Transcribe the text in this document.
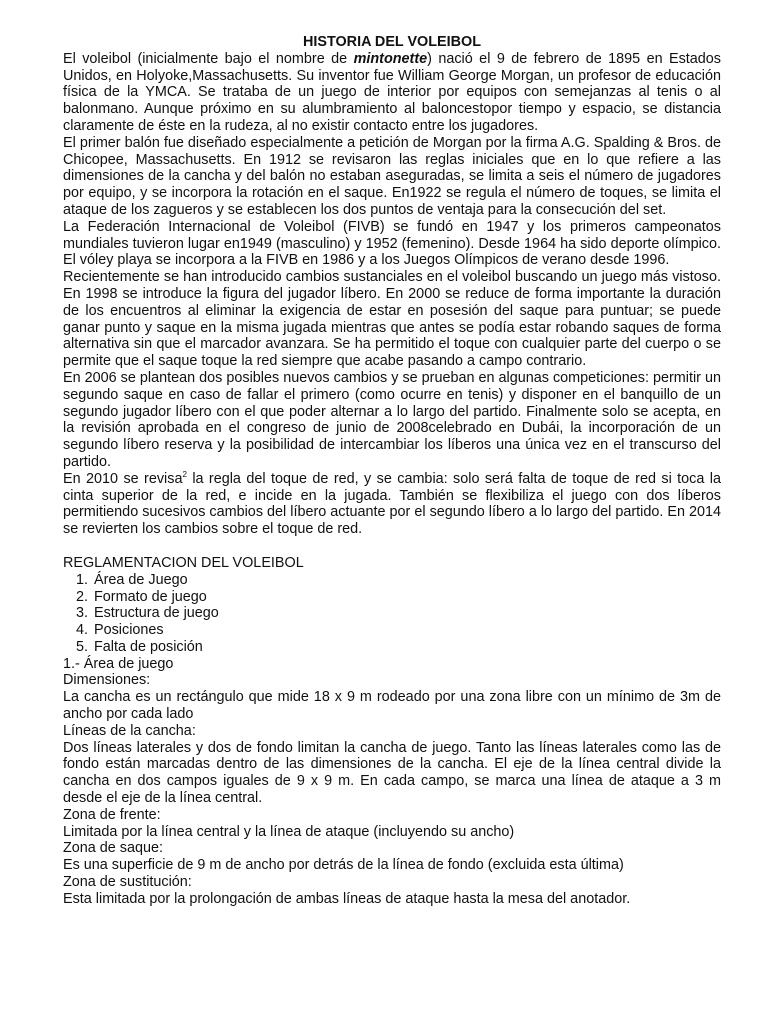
HISTORIA DEL VOLEIBOL

El voleibol (inicialmente bajo el nombre de mintonette) nació el 9 de febrero de 1895 en Estados Unidos, en Holyoke,Massachusetts. Su inventor fue William George Morgan, un profesor de educación física de la YMCA. Se trataba de un juego de interior por equipos con semejanzas al tenis o al balonmano. Aunque próximo en su alumbramiento al baloncestopor tiempo y espacio, se distancia claramente de éste en la rudeza, al no existir contacto entre los jugadores.

El primer balón fue diseñado especialmente a petición de Morgan por la firma A.G. Spalding & Bros. de Chicopee, Massachusetts. En 1912 se revisaron las reglas iniciales que en lo que refiere a las dimensiones de la cancha y del balón no estaban aseguradas, se limita a seis el número de jugadores por equipo, y se incorpora la rotación en el saque. En1922 se regula el número de toques, se limita el ataque de los zagueros y se establecen los dos puntos de ventaja para la consecución del set.

La Federación Internacional de Voleibol (FIVB) se fundó en 1947 y los primeros campeonatos mundiales tuvieron lugar en1949 (masculino) y 1952 (femenino). Desde 1964 ha sido deporte olímpico. El vóley playa se incorpora a la FIVB en 1986 y a los Juegos Olímpicos de verano desde 1996.

Recientemente se han introducido cambios sustanciales en el voleibol buscando un juego más vistoso. En 1998 se introduce la figura del jugador líbero. En 2000 se reduce de forma importante la duración de los encuentros al eliminar la exigencia de estar en posesión del saque para puntuar; se puede ganar punto y saque en la misma jugada mientras que antes se podía estar robando saques de forma alternativa sin que el marcador avanzara. Se ha permitido el toque con cualquier parte del cuerpo o se permite que el saque toque la red siempre que acabe pasando a campo contrario.

En 2006 se plantean dos posibles nuevos cambios y se prueban en algunas competiciones: permitir un segundo saque en caso de fallar el primero (como ocurre en tenis) y disponer en el banquillo de un segundo jugador líbero con el que poder alternar a lo largo del partido. Finalmente solo se acepta, en la revisión aprobada en el congreso de junio de 2008celebrado en Dubái, la incorporación de un segundo líbero reserva y la posibilidad de intercambiar los líberos una única vez en el transcurso del partido.

En 2010 se revisa$^2$ la regla del toque de red, y se cambia: solo será falta de toque de red si toca la cinta superior de la red, e incide en la jugada. También se flexibiliza el juego con dos líberos permitiendo sucesivos cambios del líbero actuante por el segundo líbero a lo largo del partido. En 2014 se revierten los cambios sobre el toque de red.

REGLAMENTACION DEL VOLEIBOL

1. Área de Juego
2. Formato de juego
3. Estructura de juego
4. Posiciones
5. Falta de posición

1.- Área de juego

Dimensiones:

La cancha es un rectángulo que mide 18 x 9 m rodeado por una zona libre con un mínimo de 3m de ancho por cada lado

Líneas de la cancha:

Dos líneas laterales y dos de fondo limitan la cancha de juego. Tanto las líneas laterales como las de fondo están marcadas dentro de las dimensiones de la cancha. El eje de la línea central divide la cancha en dos campos iguales de 9 x 9 m. En cada campo, se marca una línea de ataque a 3 m desde el eje de la línea central.

Zona de frente:

Limitada por la línea central y la línea de ataque (incluyendo su ancho)

Zona de saque:

Es una superficie de 9 m de ancho por detrás de la línea de fondo (excluida esta última)

Zona de sustitución:

Esta limitada por la prolongación de ambas líneas de ataque hasta la mesa del anotador.
